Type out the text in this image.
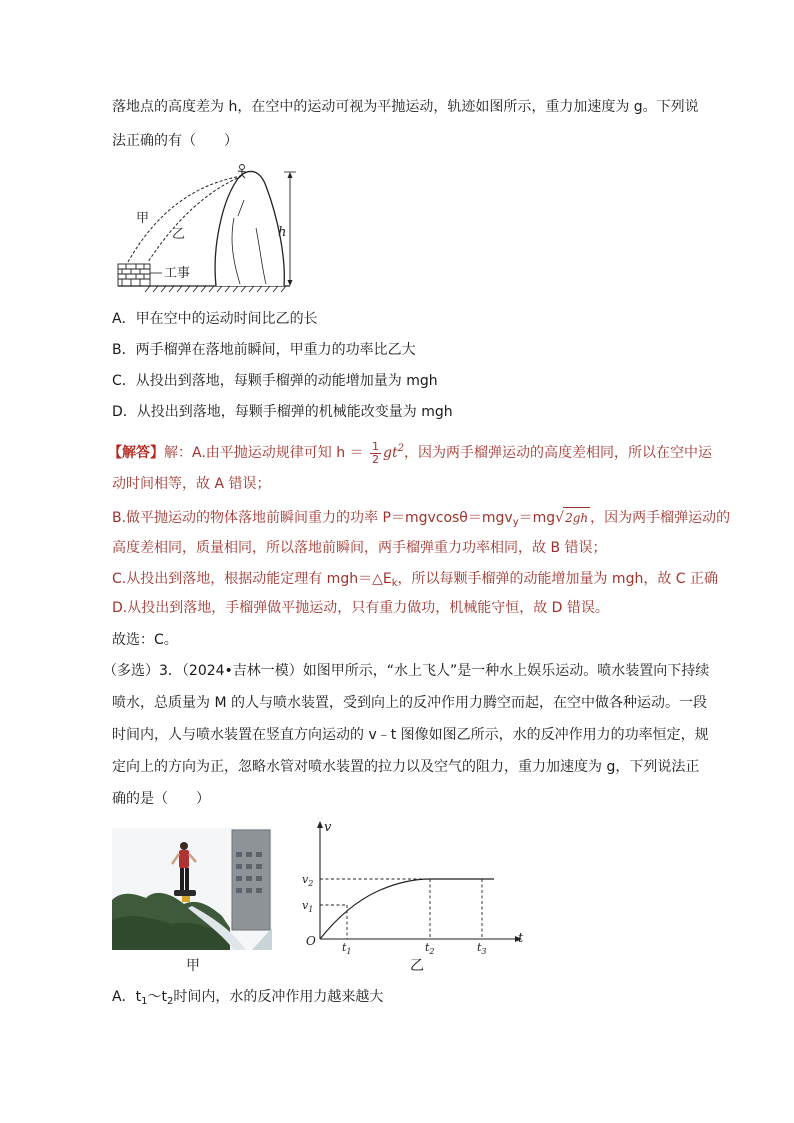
落地点的高度差为 h，在空中的运动可视为平抛运动，轨迹如图所示，重力加速度为 g。下列说
法正确的有（　　）
h
甲
乙
工事
A．甲在空中的运动时间比乙的长
B．两手榴弹在落地前瞬间，甲重力的功率比乙大
C．从投出到落地，每颗手榴弹的动能增加量为 mgh
D．从投出到落地，每颗手榴弹的机械能改变量为 mgh
【解答】解：A.由平抛运动规律可知 $h = \frac{1}{2} gt^2$，因为两手榴弹运动的高度差相同，所以在空中运
动时间相等，故 A 错误；
B.做平抛运动的物体落地前瞬间重力的功率 P＝mgvcosθ＝mgv$_y$＝mg√2gh ，因为两手榴弹运动的
高度差相同，质量相同，所以落地前瞬间，两手榴弹重力功率相同，故 B 错误；
C.从投出到落地，根据动能定理有 $mgh=\triangle E_k$，所以每颗手榴弹的动能增加量为 mgh，故 C 正确
D.从投出到落地，手榴弹做平抛运动，只有重力做功，机械能守恒，故 D 错误。
故选：C。
（多选）3．（2024•吉林一模）如图甲所示，“水上飞人”是一种水上娱乐运动。喷水装置向下持续
喷水，总质量为 M 的人与喷水装置，受到向上的反冲作用力腾空而起，在空中做各种运动。一段
时间内，人与喷水装置在竖直方向运动的 v﹣t 图像如图乙所示，水的反冲作用力的功率恒定，规
定向上的方向为正，忽略水管对喷水装置的拉力以及空气的阻力，重力加速度为 g，下列说法正
确的是（　　）
甲
v
t
O
$v_2$
$v_1$
$t_1$	$t_2$	$t_3$
乙
A．$t_1\sim t_2$时间内，水的反冲作用力越来越大
